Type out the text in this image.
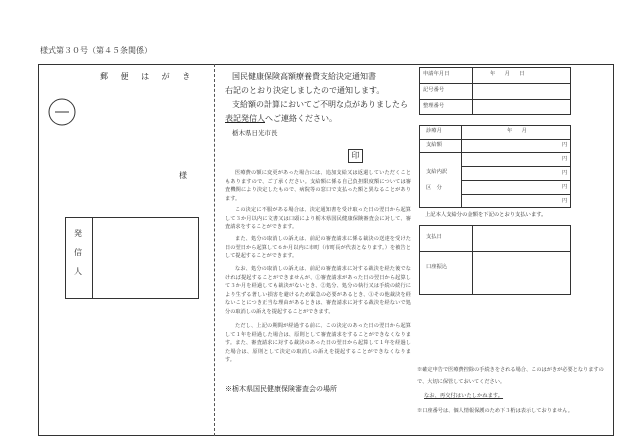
様式第３０号（第４５条関係）
郵 便 は が き
様
発
信
人
国民健康保険高額療養費支給決定通知書
右記のとおり決定しましたので通知します。
支給額の計算においてご不明な点がありましたら
表記発信人へご連絡ください。
栃木県日光市長
印
医療費の額に変更があった場合には、追加支給又は返還していただくこともありますので、ご了承ください。支給額に係る自己負担限度額については審査機関により決定したもので、病院等の窓口で支払った額と異なることがあります。
この決定に不服がある場合は、決定通知書を受け取った日の翌日から起算して３か月以内に文書又は口頭により栃木県国民健康保険審査会に対して、審査請求をすることができます。
また、処分の取消しの訴えは、前記の審査請求に係る裁決の送達を受けた日の翌日から起算して６か月以内に市町（市町長が代表となります。）を被告として提起することができます。
なお、処分の取消しの訴えは、前記の審査請求に対する裁決を経た後でなければ提起することができませんが、①審査請求があった日の翌日から起算して３か月を経過しても裁決がないとき、②処分、処分の執行又は手続の続行により生ずる著しい損害を避けるため緊急の必要があるとき、③その他裁決を経ないことにつき正当な理由があるときは、審査請求に対する裁決を経ないで処分の取消しの訴えを提起することができます。
ただし、上記の期間が経過する前に、この決定のあった日の翌日から起算して１年を経過した場合は、原則として審査請求をすることができなくなります。また、審査請求に対する裁決のあった日の翌日から起算して１年を経過した場合は、原則として決定の取消しの訴えを提起することができなくなります。
※栃木県国民健康保険審査会の場所
申請年月日
記号番号
整理番号
年　月　日
診療月	年　月
支給額
支給内訳
区　分
円
円
円
円
円
上記本人支給分の金額を下記のとおり支払います。
支払日
口座振込
※確定申告で医療費控除の手続きをされる場合、このはがきが必要となりますので、大切に保管しておいてください。
なお、再交付はいたしかねます。
※口座番号は、個人情報保護のため下３桁は表示しておりません。
